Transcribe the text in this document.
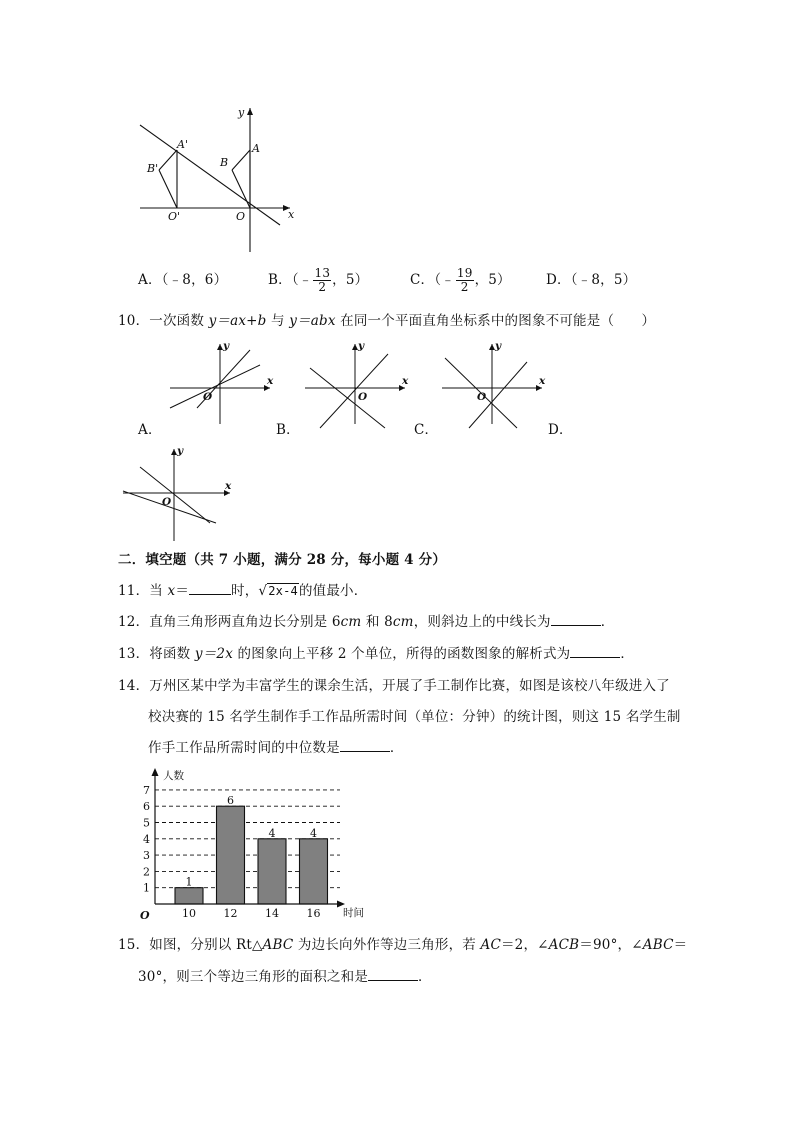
y
x
O
O'
A
A'
B
B'
A．（﹣8，6）	B．（﹣ $\frac{13}{2}$ ，5）	C．（﹣ $\frac{19}{2}$ ，5）	D．（﹣8，5）
10．一次函数 y＝ax+b 与 y＝abx 在同一个平面直角坐标系中的图象不可能是（　　）
y
x
O
A．
y
x
O
B．
y
x
O
C．	D．
y
x
O
二．填空题（共 7 小题，满分 28 分，每小题 4 分）
11．当 x＝	时，√2x-4的值最小．
12．直角三角形两直角边长分别是 6cm 和 8cm，则斜边上的中线长为	．
13．将函数 y＝2x 的图象向上平移 2 个单位，所得的函数图象的解析式为	．
14．万州区某中学为丰富学生的课余生活，开展了手工制作比赛，如图是该校八年级进入了
校决赛的 15 名学生制作手工作品所需时间（单位：分钟）的统计图，则这 15 名学生制
作手工作品所需时间的中位数是	．
1
2
3
4
5
6
7
1
10
6
12
4
14
4
16
人数
时间
O
15．如图，分别以 Rt△ABC 为边长向外作等边三角形，若 AC＝2，∠ACB＝90°，∠ABC＝
30°，则三个等边三角形的面积之和是	．
